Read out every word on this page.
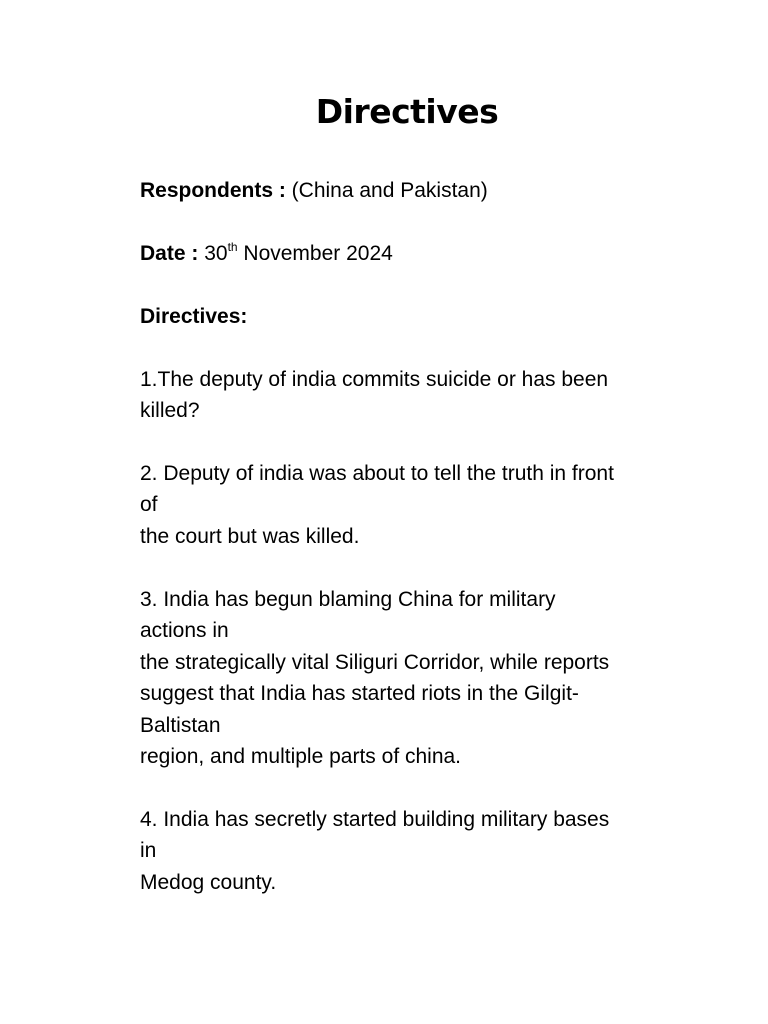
Directives
Respondents : (China and Pakistan)
Date : 30th November 2024
Directives:
1.The deputy of india commits suicide or has been
killed?
2. Deputy of india was about to tell the truth in front
of
the court but was killed.
3. India has begun blaming China for military
actions in
the strategically vital Siliguri Corridor, while reports
suggest that India has started riots in the Gilgit-
Baltistan
region, and multiple parts of china.
4. India has secretly started building military bases
in
Medog county.
